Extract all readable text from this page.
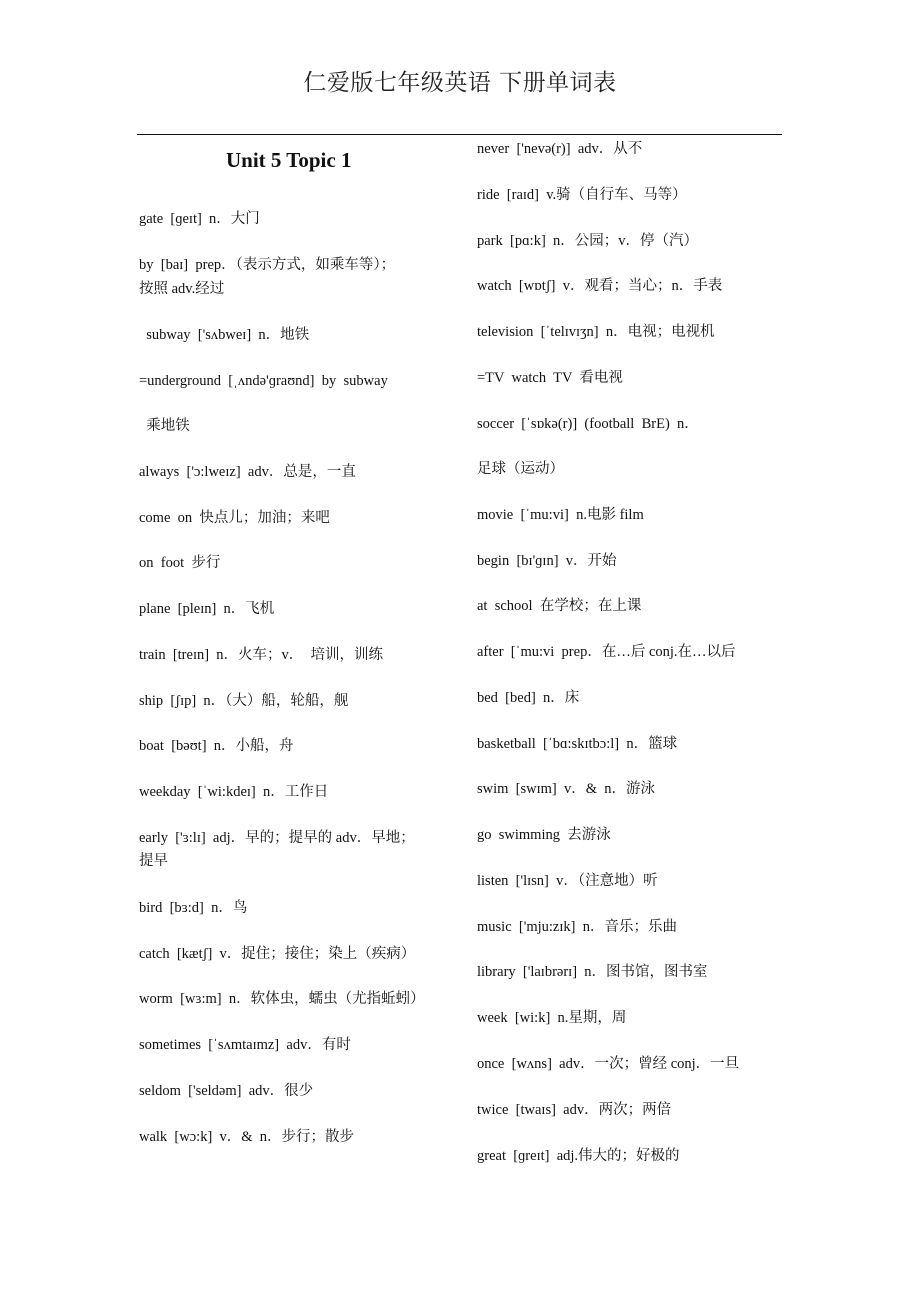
仁爱版七年级英语 下册单词表
Unit 5 Topic 1
gate  [ɡeɪt]  n．大门
by  [baɪ]  prep．（表示方式，如乘车等）；
按照 adv.经过
subway  ['sʌbweɪ]  n．地铁
=underground  [ˌʌndə'ɡraʊnd]  by  subway
乘地铁
always  ['ɔ:lweɪz]  adv．总是，一直
come  on  快点儿；加油；来吧
on  foot  步行
plane  [pleɪn]  n．飞机
train  [treɪn]  n．火车；v．  培训，训练
ship  [ʃɪp]  n．（大）船，轮船，舰
boat  [bəʊt]  n．小船，舟
weekday  [ˈwi:kdeɪ]  n．工作日
early  ['ɜ:lɪ]  adj．早的；提早的 adv．早地；
提早
bird  [bɜ:d]  n．鸟
catch  [kætʃ]  v．捉住；接住；染上（疾病）
worm  [wɜ:m]  n．软体虫，蠕虫（尤指蚯蚓）
sometimes  [ˈsʌmtaɪmz]  adv．有时
seldom  ['seldəm]  adv．很少
walk  [wɔ:k]  v．&  n．步行；散步
never  ['nevə(r)]  adv．从不
ride  [raɪd]  v.骑（自行车、马等）
park  [pɑ:k]  n．公园；v．停（汽）
watch  [wɒtʃ]  v．观看；当心；n．手表
television  [ˈtelɪvɪʒn]  n．电视；电视机
=TV  watch  TV  看电视
soccer  [ˈsɒkə(r)]  (football  BrE)  n．
足球（运动）
movie  [ˈmu:vi]  n.电影 film
begin  [bɪ'ɡɪn]  v．开始
at  school  在学校；在上课
after  [ˈmu:vi  prep．在…后 conj.在…以后
bed  [bed]  n．床
basketball  [ˈbɑ:skɪtbɔ:l]  n．篮球
swim  [swɪm]  v．&  n．游泳
go  swimming  去游泳
listen  ['lɪsn]  v．（注意地）听
music  ['mju:zɪk]  n．音乐；乐曲
library  ['laɪbrərɪ]  n．图书馆，图书室
week  [wi:k]  n.星期，周
once  [wʌns]  adv．一次；曾经 conj．一旦
twice  [twaɪs]  adv．两次；两倍
great  [ɡreɪt]  adj.伟大的；好极的
